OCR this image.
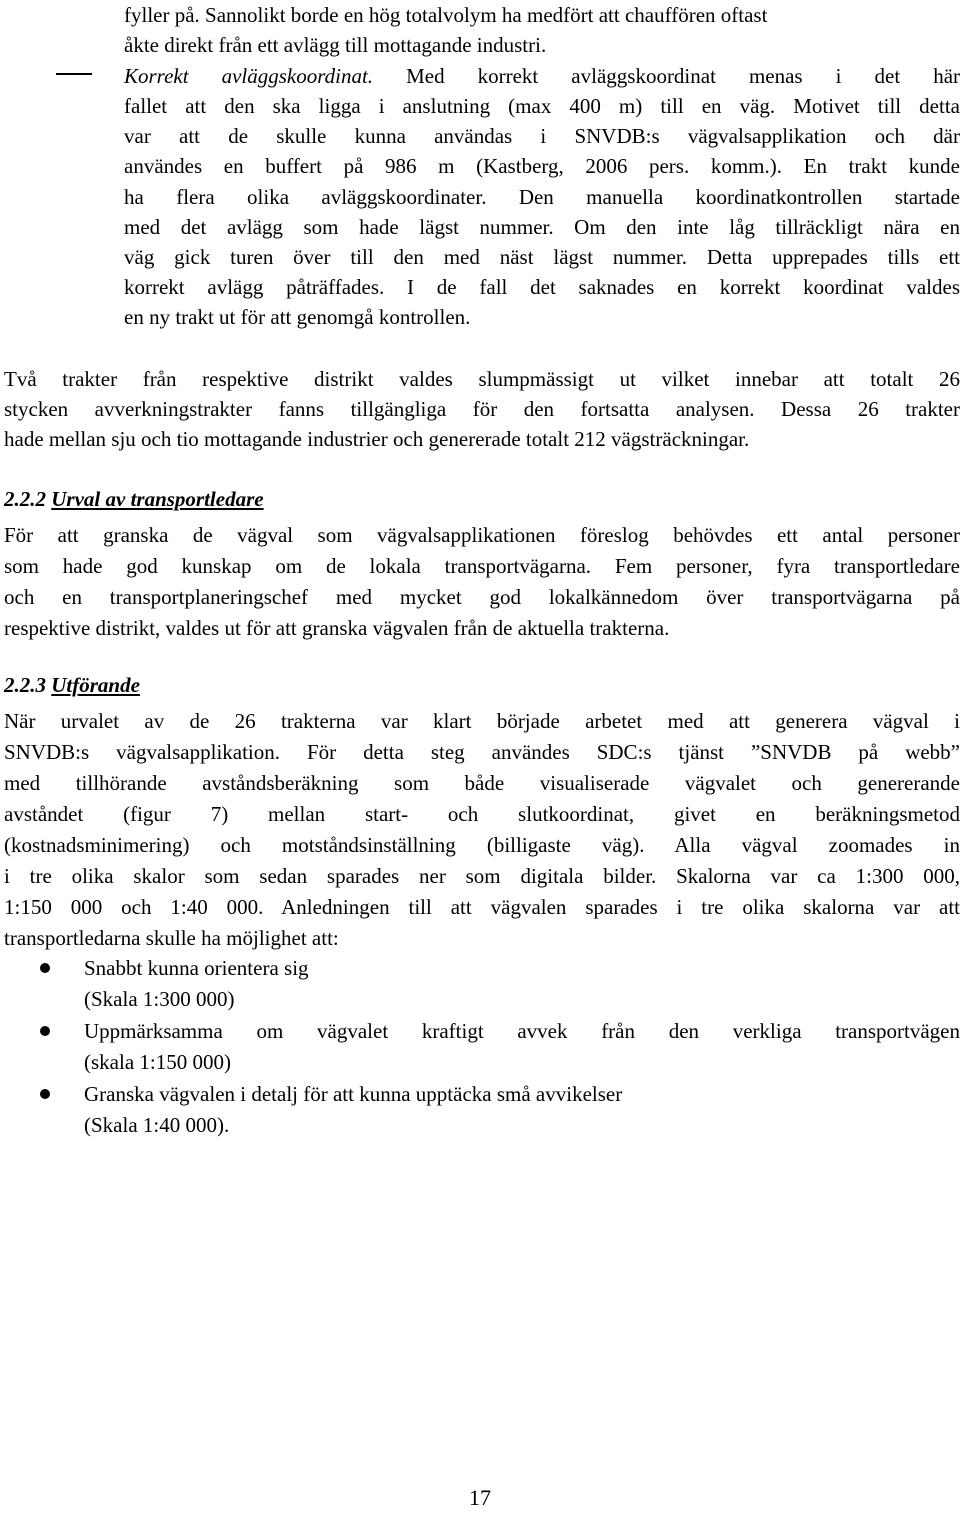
fyller på. Sannolikt borde en hög totalvolym ha medfört att chauffören oftast
åkte direkt från ett avlägg till mottagande industri.
Korrekt avläggskoordinat. Med korrekt avläggskoordinat menas i det här
fallet att den ska ligga i anslutning (max 400 m) till en väg. Motivet till detta
var att de skulle kunna användas i SNVDB:s vägvalsapplikation och där
användes en buffert på 986 m (Kastberg, 2006 pers. komm.). En trakt kunde
ha flera olika avläggskoordinater. Den manuella koordinatkontrollen startade
med det avlägg som hade lägst nummer. Om den inte låg tillräckligt nära en
väg gick turen över till den med näst lägst nummer. Detta upprepades tills ett
korrekt avlägg påträffades. I de fall det saknades en korrekt koordinat valdes
en ny trakt ut för att genomgå kontrollen.
Två trakter från respektive distrikt valdes slumpmässigt ut vilket innebar att totalt 26
stycken avverkningstrakter fanns tillgängliga för den fortsatta analysen. Dessa 26 trakter
hade mellan sju och tio mottagande industrier och genererade totalt 212 vägsträckningar.
2.2.2 Urval av transportledare
För att granska de vägval som vägvalsapplikationen föreslog behövdes ett antal personer
som hade god kunskap om de lokala transportvägarna. Fem personer, fyra transportledare
och en transportplaneringschef med mycket god lokalkännedom över transportvägarna på
respektive distrikt, valdes ut för att granska vägvalen från de aktuella trakterna.
2.2.3 Utförande
När urvalet av de 26 trakterna var klart började arbetet med att generera vägval i
SNVDB:s vägvalsapplikation. För detta steg användes SDC:s tjänst ”SNVDB på webb”
med tillhörande avståndsberäkning som både visualiserade vägvalet och genererande
avståndet (figur 7) mellan start- och slutkoordinat, givet en beräkningsmetod
(kostnadsminimering) och motståndsinställning (billigaste väg). Alla vägval zoomades in
i tre olika skalor som sedan sparades ner som digitala bilder. Skalorna var ca 1:300 000,
1:150 000 och 1:40 000. Anledningen till att vägvalen sparades i tre olika skalorna var att
transportledarna skulle ha möjlighet att:
Snabbt kunna orientera sig
(Skala 1:300 000)
Uppmärksamma om vägvalet kraftigt avvek från den verkliga transportvägen
(skala 1:150 000)
Granska vägvalen i detalj för att kunna upptäcka små avvikelser
(Skala 1:40 000).
17
